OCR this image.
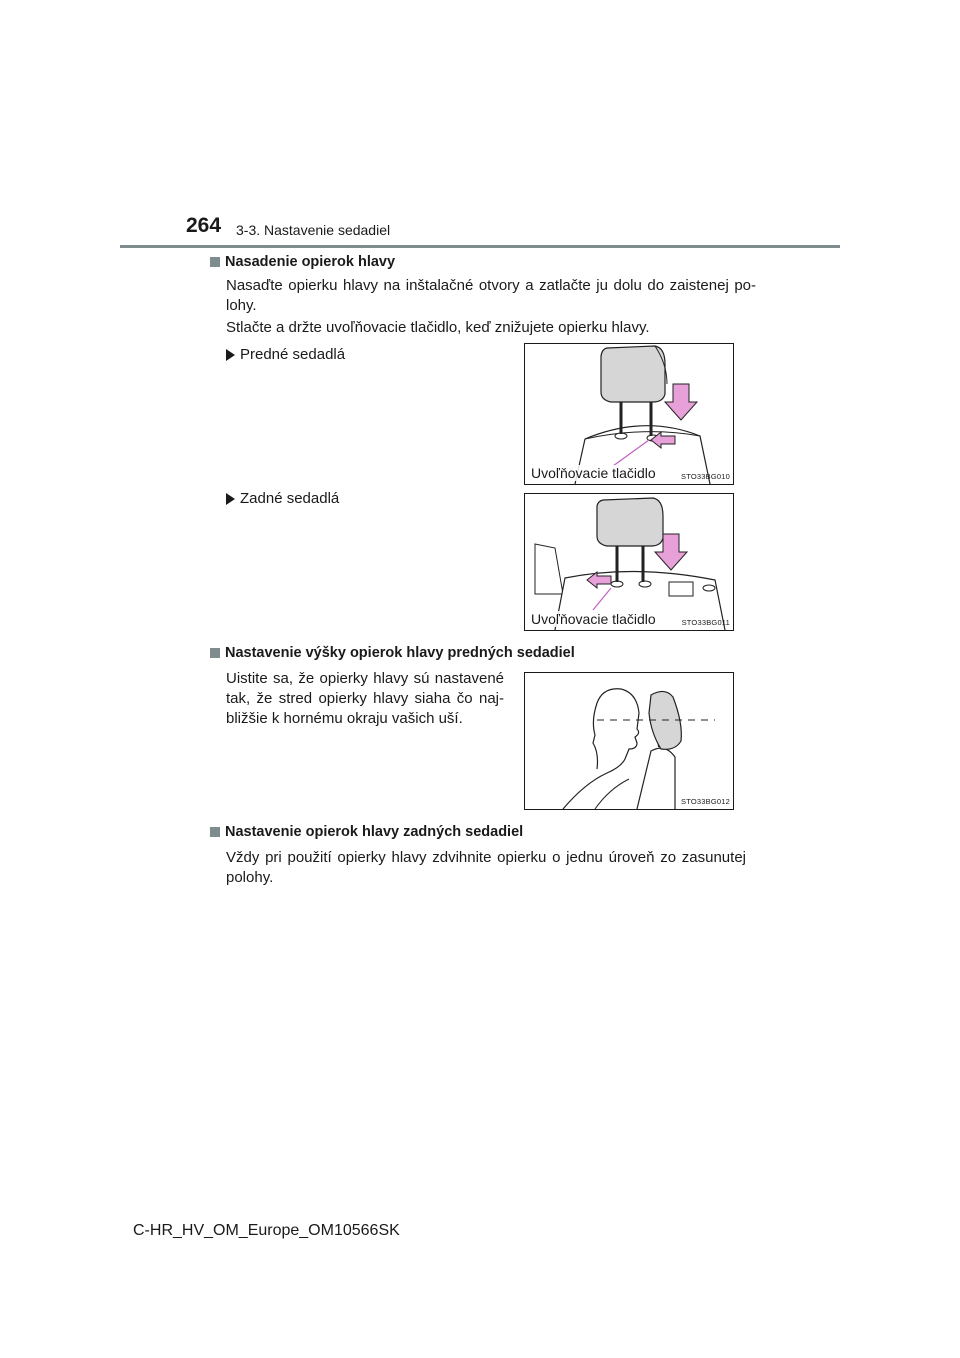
264 3-3. Nastavenie sedadiel
Nasadenie opierok hlavy
Nasaďte opierku hlavy na inštalačné otvory a zatlačte ju dolu do zaistenej po-
lohy.
Stlačte a držte uvoľňovacie tlačidlo, keď znižujete opierku hlavy.
Predné sedadlá
Zadné sedadlá
Uvoľňovacie tlačidlo	STO33BG010
Uvoľňovacie tlačidlo	STO33BG011
Nastavenie výšky opierok hlavy predných sedadiel
Uistite sa, že opierky hlavy sú nastavené
tak, že stred opierky hlavy siaha čo naj-
bližšie k hornému okraju vašich uší.
STO33BG012
Nastavenie opierok hlavy zadných sedadiel
Vždy pri použití opierky hlavy zdvihnite opierku o jednu úroveň zo zasunutej
polohy.
C-HR_HV_OM_Europe_OM10566SK
